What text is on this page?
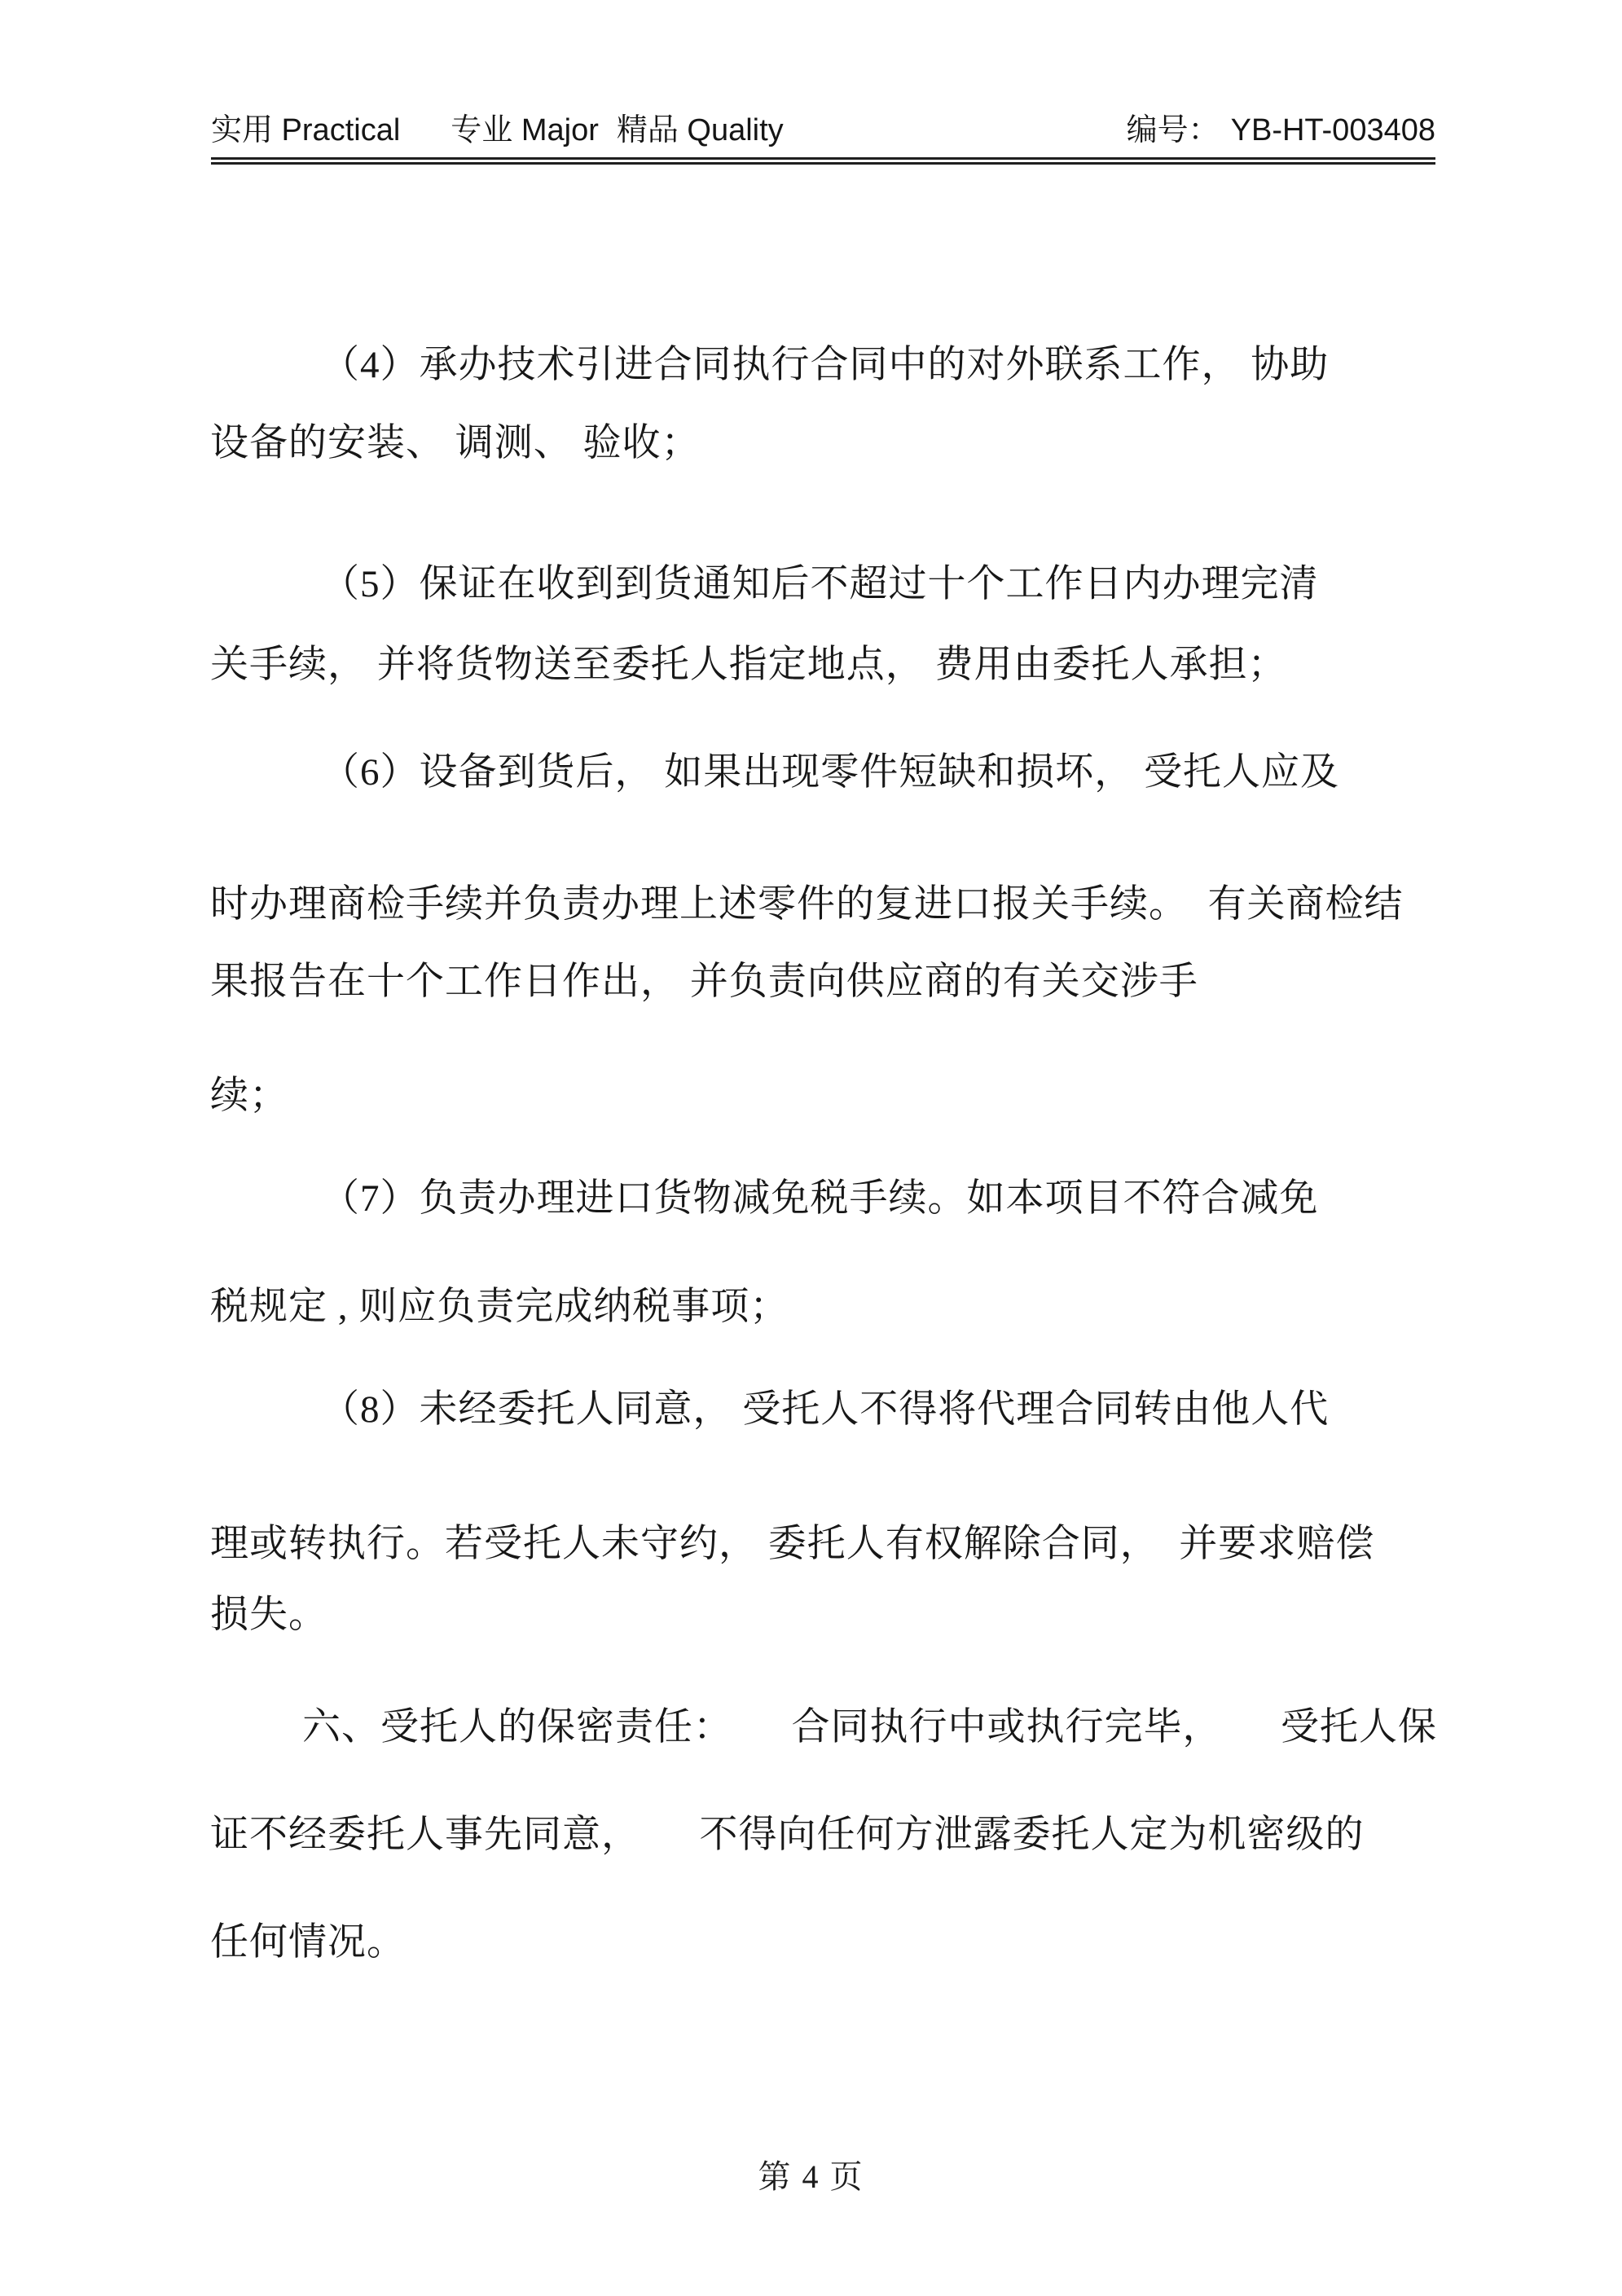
实用 Practical 专业 Major 精品 Quality	编号： YB-HT-003408
（4）承办技术引进合同执行合同中的对外联系工作， 协助
设备的安装、 调测、 验收；
（5）保证在收到到货通知后不超过十个工作日内办理完清
关手续， 并将货物送至委托人指定地点， 费用由委托人承担；
（6）设备到货后， 如果出现零件短缺和损坏， 受托人应及
时办理商检手续并负责办理上述零件的复进口报关手续。　有关商检结
果报告在十个工作日作出， 并负责向供应商的有关交涉手
续；
（7）负责办理进口货物减免税手续。如本项目不符合减免
税规定 , 则应负责完成纳税事项；
（8）未经委托人同意， 受托人不得将代理合同转由他人代
理或转执行。若受托人未守约， 委托人有权解除合同，　并要求赔偿
损失。
六、受托人的保密责任：　　合同执行中或执行完毕，　　受托人保
证不经委托人事先同意，　　不得向任何方泄露委托人定为机密级的
任何情况。
第 4 页
